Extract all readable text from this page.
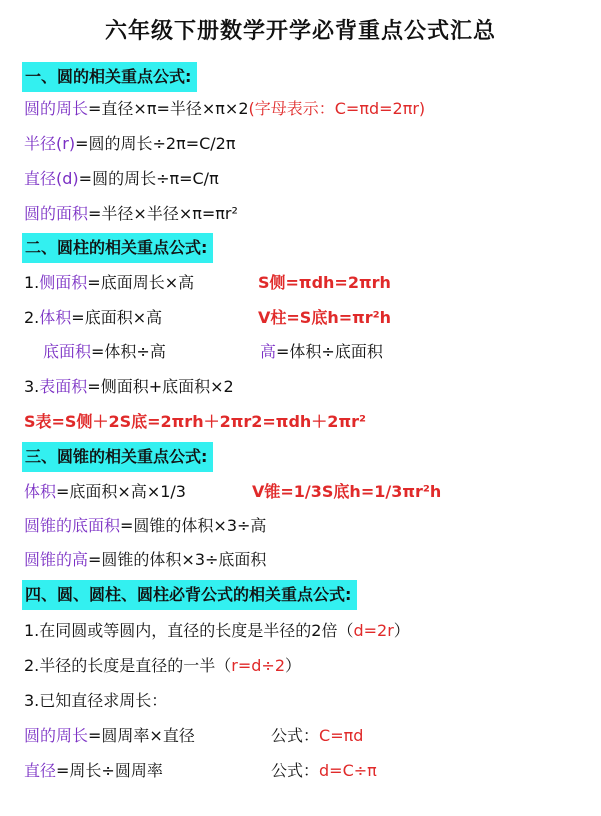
六年级下册数学开学必背重点公式汇总
一、圆的相关重点公式:
圆的周长=直径×π=半径×π×2(字母表示：C=πd=2πr)
半径(r)=圆的周长÷2π=C/2π
直径(d)=圆的周长÷π=C/π
圆的面积=半径×半径×π=πr²
二、圆柱的相关重点公式:
1.侧面积=底面周长×高	S侧=πdh=2πrh
2.体积=底面积×高	V柱=S底h=πr²h
底面积=体积÷高	高=体积÷底面积
3.表面积=侧面积+底面积×2
S表=S侧＋2S底=2πrh＋2πr2=πdh＋2πr²
三、圆锥的相关重点公式:
体积=底面积×高×1/3	V锥=1/3S底h=1/3πr²h
圆锥的底面积=圆锥的体积×3÷高
圆锥的高=圆锥的体积×3÷底面积
四、圆、圆柱、圆柱必背公式的相关重点公式:
1.在同圆或等圆内，直径的长度是半径的2倍（d=2r）
2.半径的长度是直径的一半（r=d÷2）
3.已知直径求周长：
圆的周长=圆周率×直径	公式：C=πd
直径=周长÷圆周率	公式：d=C÷π
